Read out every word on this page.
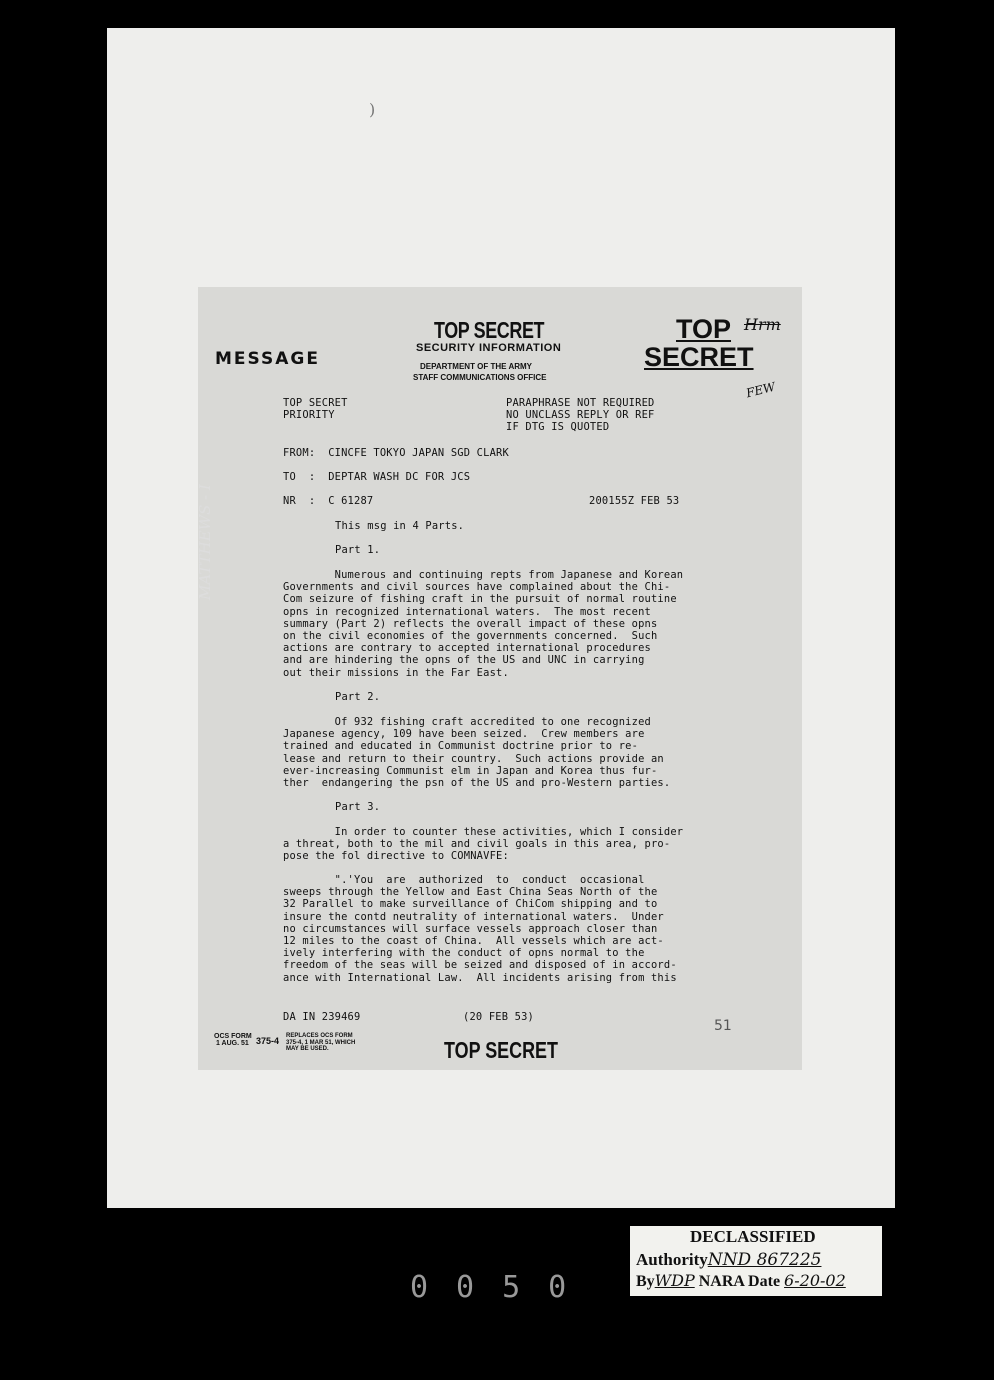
)
MESSAGE
TOP SECRET
SECURITY INFORMATION
DEPARTMENT OF THE ARMY
STAFF COMMUNICATIONS OFFICE
TOP
SECRET
Hrm
FEW
TOP SECRET
PRIORITY
PARAPHRASE NOT REQUIRED
NO UNCLASS REPLY OR REF
IF DTG IS QUOTED
FROM:  CINCFE TOKYO JAPAN SGD CLARK
TO  :  DEPTAR WASH DC FOR JCS
NR  :  C 61287	200155Z FEB 53
This msg in 4 Parts.
Part 1.
Numerous and continuing repts from Japanese and Korean
Governments and civil sources have complained about the Chi-
Com seizure of fishing craft in the pursuit of normal routine
opns in recognized international waters.  The most recent
summary (Part 2) reflects the overall impact of these opns
on the civil economies of the governments concerned.  Such
actions are contrary to accepted international procedures
and are hindering the opns of the US and UNC in carrying
out their missions in the Far East.
Part 2.
Of 932 fishing craft accredited to one recognized
Japanese agency, 109 have been seized.  Crew members are
trained and educated in Communist doctrine prior to re-
lease and return to their country.  Such actions provide an
ever-increasing Communist elm in Japan and Korea thus fur-
ther  endangering the psn of the US and pro-Western parties.
Part 3.
In order to counter these activities, which I consider
a threat, both to the mil and civil goals in this area, pro-
pose the fol directive to COMNAVFE:
".'You  are  authorized  to  conduct  occasional
sweeps through the Yellow and East China Seas North of the
32 Parallel to make surveillance of ChiCom shipping and to
insure the contd neutrality of international waters.  Under
no circumstances will surface vessels approach closer than
12 miles to the coast of China.  All vessels which are act-
ively interfering with the conduct of opns normal to the
freedom of the seas will be seized and disposed of in accord-
ance with International Law.  All incidents arising from this
DA IN 239469	(20 FEB 53)
51
OCS FORM
1 AUG. 51 375-4 REPLACES OCS FORM
375-4, 1 MAR 51, WHICH
MAY BE USED.	TOP SECRET
MATTHEWS - I
DECLASSIFIED
AuthorityNND 867225
ByWDP NARA Date 6-20-02
0050
